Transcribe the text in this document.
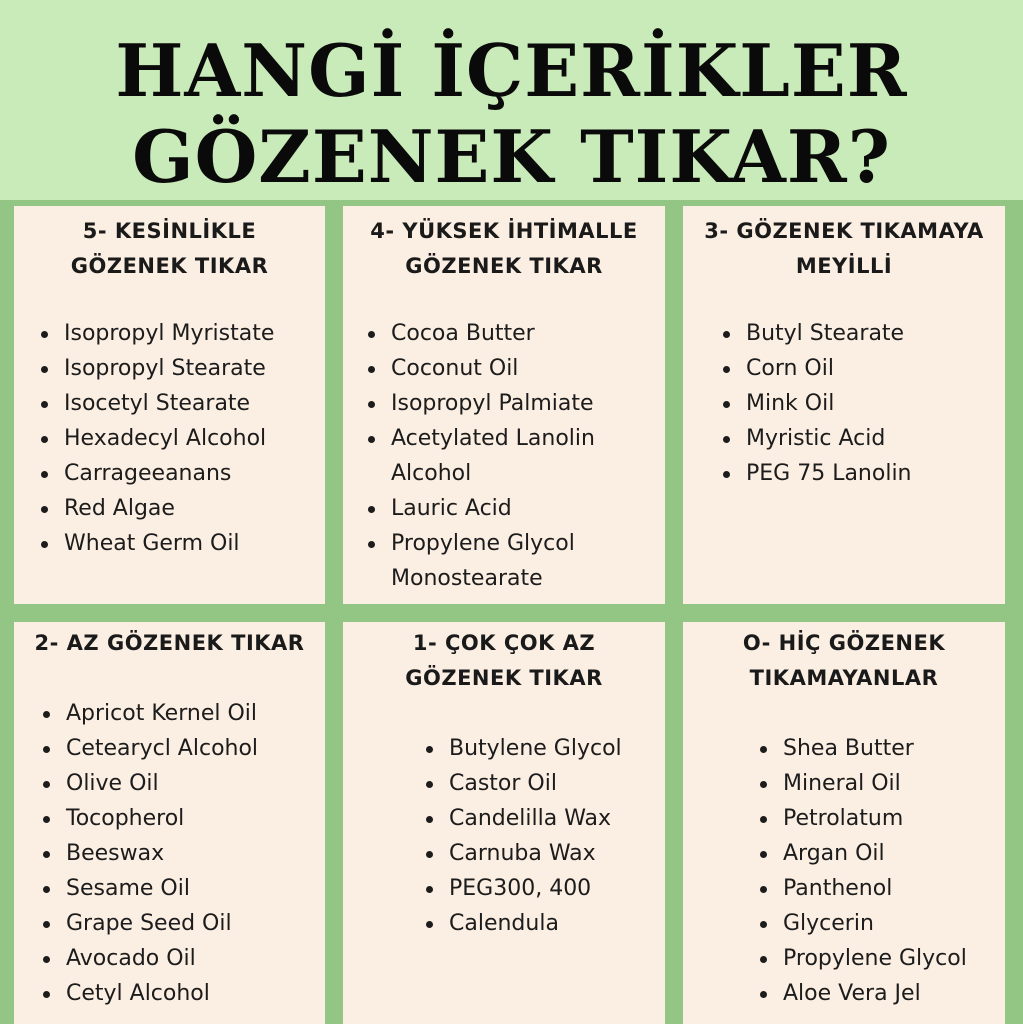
HANGİ İÇERİKLER
GÖZENEK TIKAR?
5- KESİNLİKLE
GÖZENEK TIKAR
Isopropyl Myristate
Isopropyl Stearate
Isocetyl Stearate
Hexadecyl Alcohol
Carrageeanans
Red Algae
Wheat Germ Oil
4- YÜKSEK İHTİMALLE
GÖZENEK TIKAR
Cocoa Butter
Coconut Oil
Isopropyl Palmiate
Acetylated Lanolin
Alcohol
Lauric Acid
Propylene Glycol
Monostearate
3- GÖZENEK TIKAMAYA
MEYİLLİ
Butyl Stearate
Corn Oil
Mink Oil
Myristic Acid
PEG 75 Lanolin
2- AZ GÖZENEK TIKAR
Apricot Kernel Oil
Cetearycl Alcohol
Olive Oil
Tocopherol
Beeswax
Sesame Oil
Grape Seed Oil
Avocado Oil
Cetyl Alcohol
1- ÇOK ÇOK AZ
GÖZENEK TIKAR
Butylene Glycol
Castor Oil
Candelilla Wax
Carnuba Wax
PEG300, 400
Calendula
O- HİÇ GÖZENEK
TIKAMAYANLAR
Shea Butter
Mineral Oil
Petrolatum
Argan Oil
Panthenol
Glycerin
Propylene Glycol
Aloe Vera Jel
